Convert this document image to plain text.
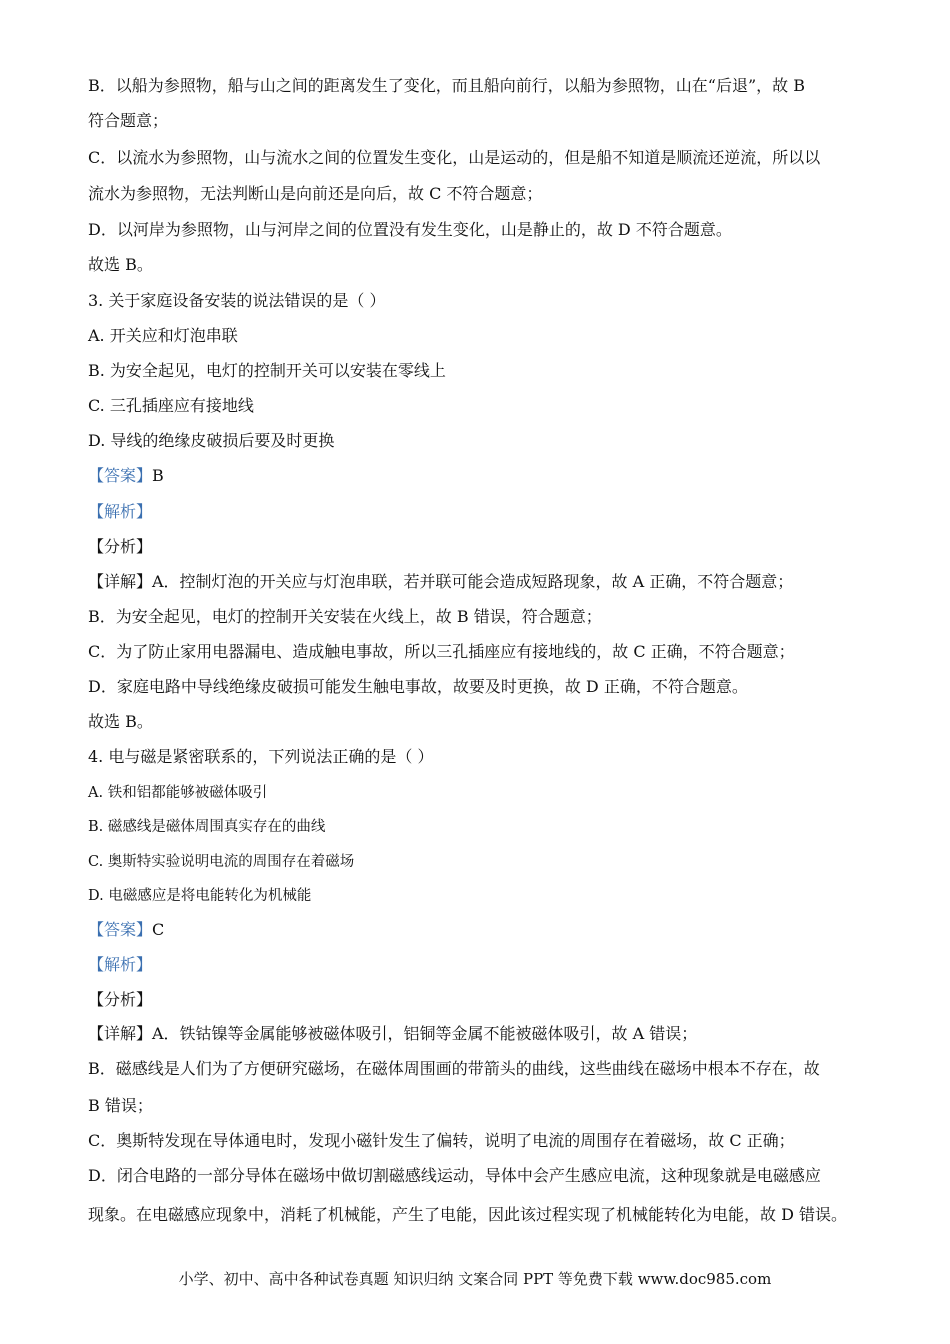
B．以船为参照物，船与山之间的距离发生了变化，而且船向前行，以船为参照物，山在“后退”，故 B
符合题意；
C．以流水为参照物，山与流水之间的位置发生变化，山是运动的，但是船不知道是顺流还逆流，所以以
流水为参照物，无法判断山是向前还是向后，故 C 不符合题意；
D．以河岸为参照物，山与河岸之间的位置没有发生变化，山是静止的，故 D 不符合题意。
故选 B。
3. 关于家庭设备安装的说法错误的是（ ）
A. 开关应和灯泡串联
B. 为安全起见，电灯的控制开关可以安装在零线上
C. 三孔插座应有接地线
D. 导线的绝缘皮破损后要及时更换
【答案】B
【解析】
【分析】
【详解】A．控制灯泡的开关应与灯泡串联，若并联可能会造成短路现象，故 A 正确，不符合题意；
B．为安全起见，电灯的控制开关安装在火线上，故 B 错误，符合题意；
C．为了防止家用电器漏电、造成触电事故，所以三孔插座应有接地线的，故 C 正确，不符合题意；
D．家庭电路中导线绝缘皮破损可能发生触电事故，故要及时更换，故 D 正确，不符合题意。
故选 B。
4. 电与磁是紧密联系的，下列说法正确的是（ ）
A. 铁和铝都能够被磁体吸引
B. 磁感线是磁体周围真实存在的曲线
C. 奥斯特实验说明电流的周围存在着磁场
D. 电磁感应是将电能转化为机械能
【答案】C
【解析】
【分析】
【详解】A．铁钴镍等金属能够被磁体吸引，铝铜等金属不能被磁体吸引，故 A 错误；
B．磁感线是人们为了方便研究磁场，在磁体周围画的带箭头的曲线，这些曲线在磁场中根本不存在，故
B 错误；
C．奥斯特发现在导体通电时，发现小磁针发生了偏转，说明了电流的周围存在着磁场，故 C 正确；
D．闭合电路的一部分导体在磁场中做切割磁感线运动，导体中会产生感应电流，这种现象就是电磁感应
现象。在电磁感应现象中，消耗了机械能，产生了电能，因此该过程实现了机械能转化为电能，故 D 错误。
小学、初中、高中各种试卷真题 知识归纳 文案合同 PPT 等免费下载 www.doc985.com
